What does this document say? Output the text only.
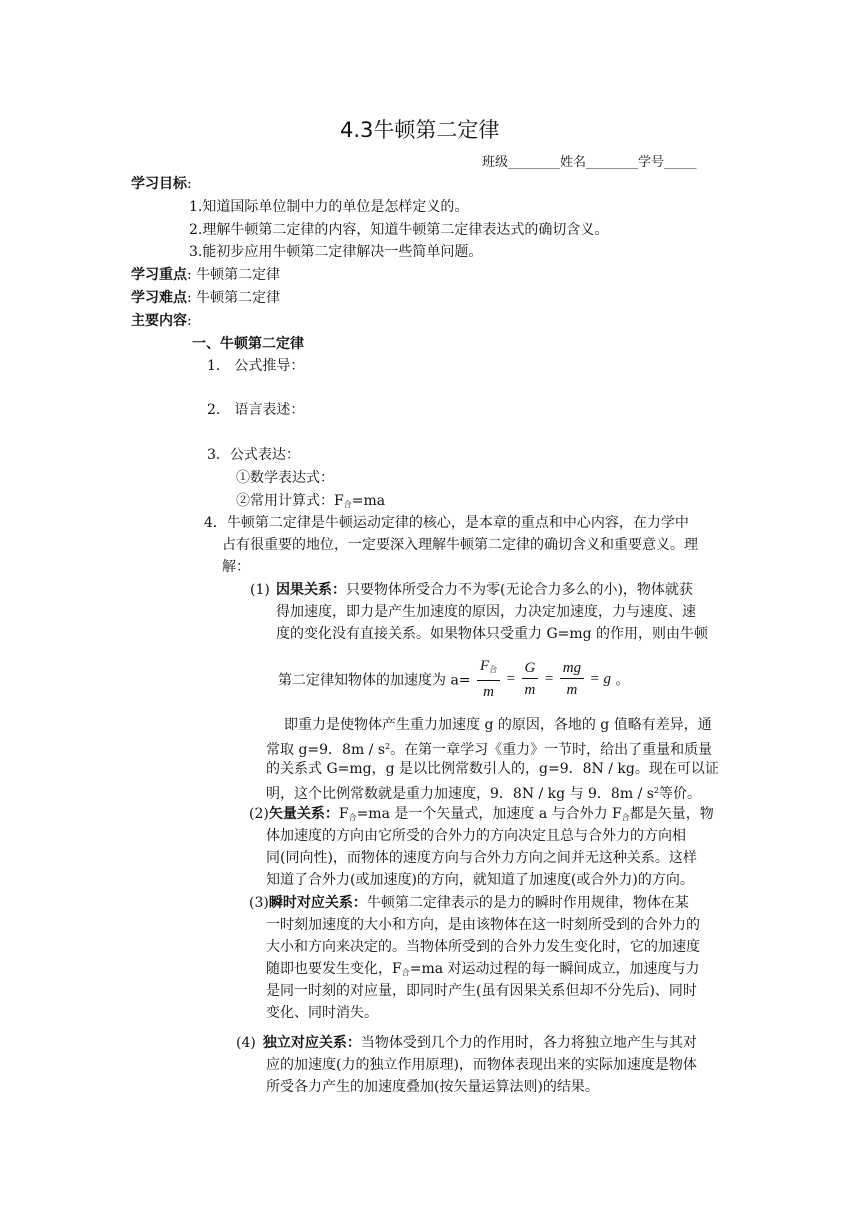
4.3牛顿第二定律
班级________姓名________学号_____
学习目标:
1.知道国际单位制中力的单位是怎样定义的。
2.理解牛顿第二定律的内容，知道牛顿第二定律表达式的确切含义。
3.能初步应用牛顿第二定律解决一些简单问题。
学习重点: 牛顿第二定律
学习难点: 牛顿第二定律
主要内容:
一、牛顿第二定律
1.　公式推导：
2.　语言表述：
3．公式表达：
①数学表达式：
②常用计算式：$F_合=ma$
4．牛顿第二定律是牛顿运动定律的核心，是本章的重点和中心内容，在力学中
占有很重要的地位，一定要深入理解牛顿第二定律的确切含义和重要意义。理
解：
(1) 因果关系：只要物体所受合力不为零(无论合力多么的小)，物体就获
得加速度，即力是产生加速度的原因，力决定加速度，力与速度、速
度的变化没有直接关系。如果物体只受重力 G=mg 的作用，则由牛顿
第二定律知物体的加速度为 $a= \frac{F_合}{m} = \frac{G}{m} = \frac{mg}{m} = g$ 。
即重力是使物体产生重力加速度 g 的原因，各地的 g 值略有差异，通
常取 g=9．$8m / s^2$。在第一章学习《重力》一节时，给出了重量和质量
的关系式 G=mg，g 是以比例常数引人的，g=9．8N / kg。现在可以证
明，这个比例常数就是重力加速度，9．8N / kg 与 9．$8m / s^2$等价。
(2)矢量关系：$F_合=ma$ 是一个矢量式，加速度 a 与合外力 $F_合$都是矢量，物
体加速度的方向由它所受的合外力的方向决定且总与合外力的方向相
同(同向性)，而物体的速度方向与合外力方向之间并无这种关系。这样
知道了合外力(或加速度)的方向，就知道了加速度(或合外力)的方向。
(3)瞬时对应关系：牛顿第二定律表示的是力的瞬时作用规律，物体在某
一时刻加速度的大小和方向，是由该物体在这一时刻所受到的合外力的
大小和方向来决定的。当物体所受到的合外力发生变化时，它的加速度
随即也要发生变化，$F_合=ma$ 对运动过程的每一瞬间成立，加速度与力
是同一时刻的对应量，即同时产生(虽有因果关系但却不分先后)、同时
变化、同时消失。
(4)  独立对应关系：当物体受到几个力的作用时，各力将独立地产生与其对
应的加速度(力的独立作用原理)，而物体表现出来的实际加速度是物体
所受各力产生的加速度叠加(按矢量运算法则)的结果。
